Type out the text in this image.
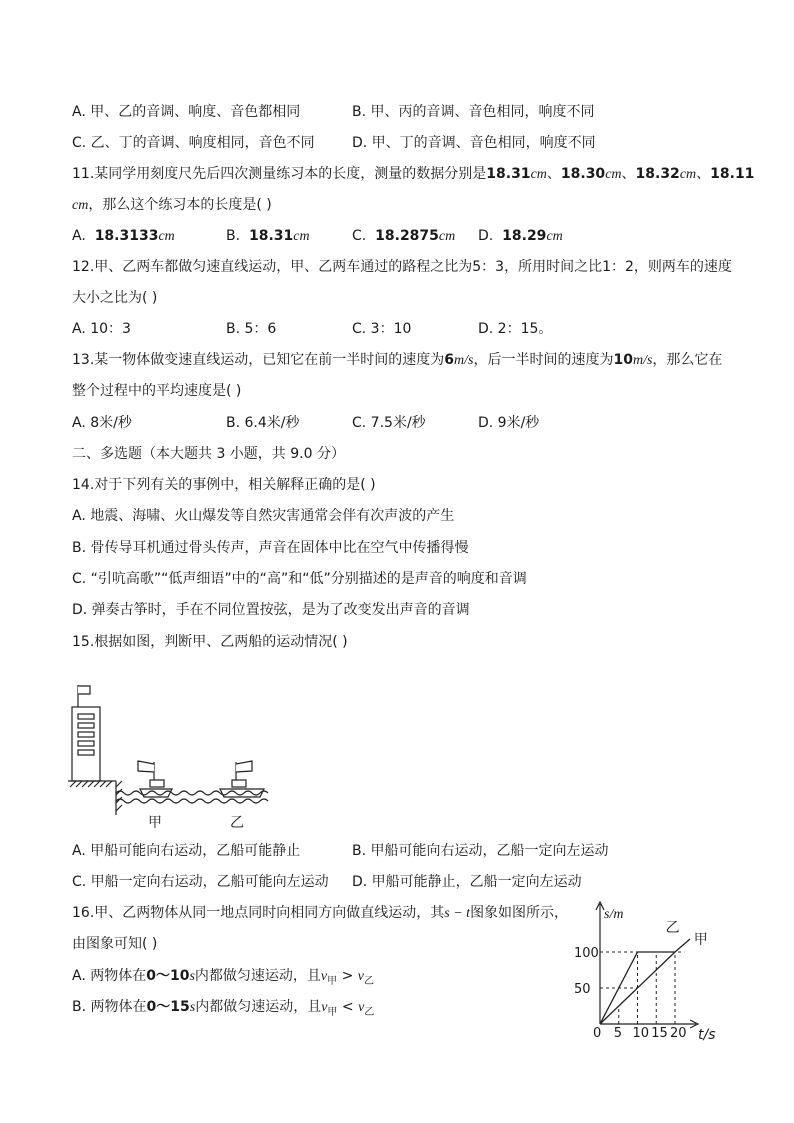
A. 甲、乙的音调、响度、音色都相同	B. 甲、丙的音调、音色相同，响度不同
C. 乙、丁的音调、响度相同，音色不同	D. 甲、丁的音调、音色相同，响度不同
11.某同学用刻度尺先后四次测量练习本的长度，测量的数据分别是18.31cm、18.30cm、18.32cm、18.11
cm，那么这个练习本的长度是( )
A. 18.3133cm	B. 18.31cm	C. 18.2875cm D. 18.29cm
12.甲、乙两车都做匀速直线运动，甲、乙两车通过的路程之比为5：3，所用时间之比1：2，则两车的速度
大小之比为( )
A. 10：3	B. 5：6	C. 3：10	D. 2：15。
13.某一物体做变速直线运动，已知它在前一半时间的速度为6m/s，后一半时间的速度为10m/s，那么它在
整个过程中的平均速度是( )
A. 8米/秒	B. 6.4米/秒	C. 7.5米/秒	D. 9米/秒
二、多选题（本大题共 3 小题，共 9.0 分）
14.对于下列有关的事例中，相关解释正确的是( )
A. 地震、海啸、火山爆发等自然灾害通常会伴有次声波的产生
B. 骨传导耳机通过骨头传声，声音在固体中比在空气中传播得慢
C. “引吭高歌”“低声细语”中的“高”和“低”分别描述的是声音的响度和音调
D. 弹奏古筝时，手在不同位置按弦，是为了改变发出声音的音调
15.根据如图，判断甲、乙两船的运动情况( )
甲	乙
A. 甲船可能向右运动，乙船可能静止	B. 甲船可能向右运动，乙船一定向左运动
C. 甲船一定向右运动，乙船可能向左运动 D. 甲船可能静止，乙船一定向左运动
16.甲、乙两物体从同一地点同时向相同方向做直线运动，其s − t图象如图所示，
由图象可知( )
A. 两物体在0～10s内都做匀速运动，且$v_甲 > v_乙$
B. 两物体在0～15s内都做匀速运动，且$v_甲 < v_乙$
50
100
5 10 15 20
s/m
t/s
0
乙
甲
